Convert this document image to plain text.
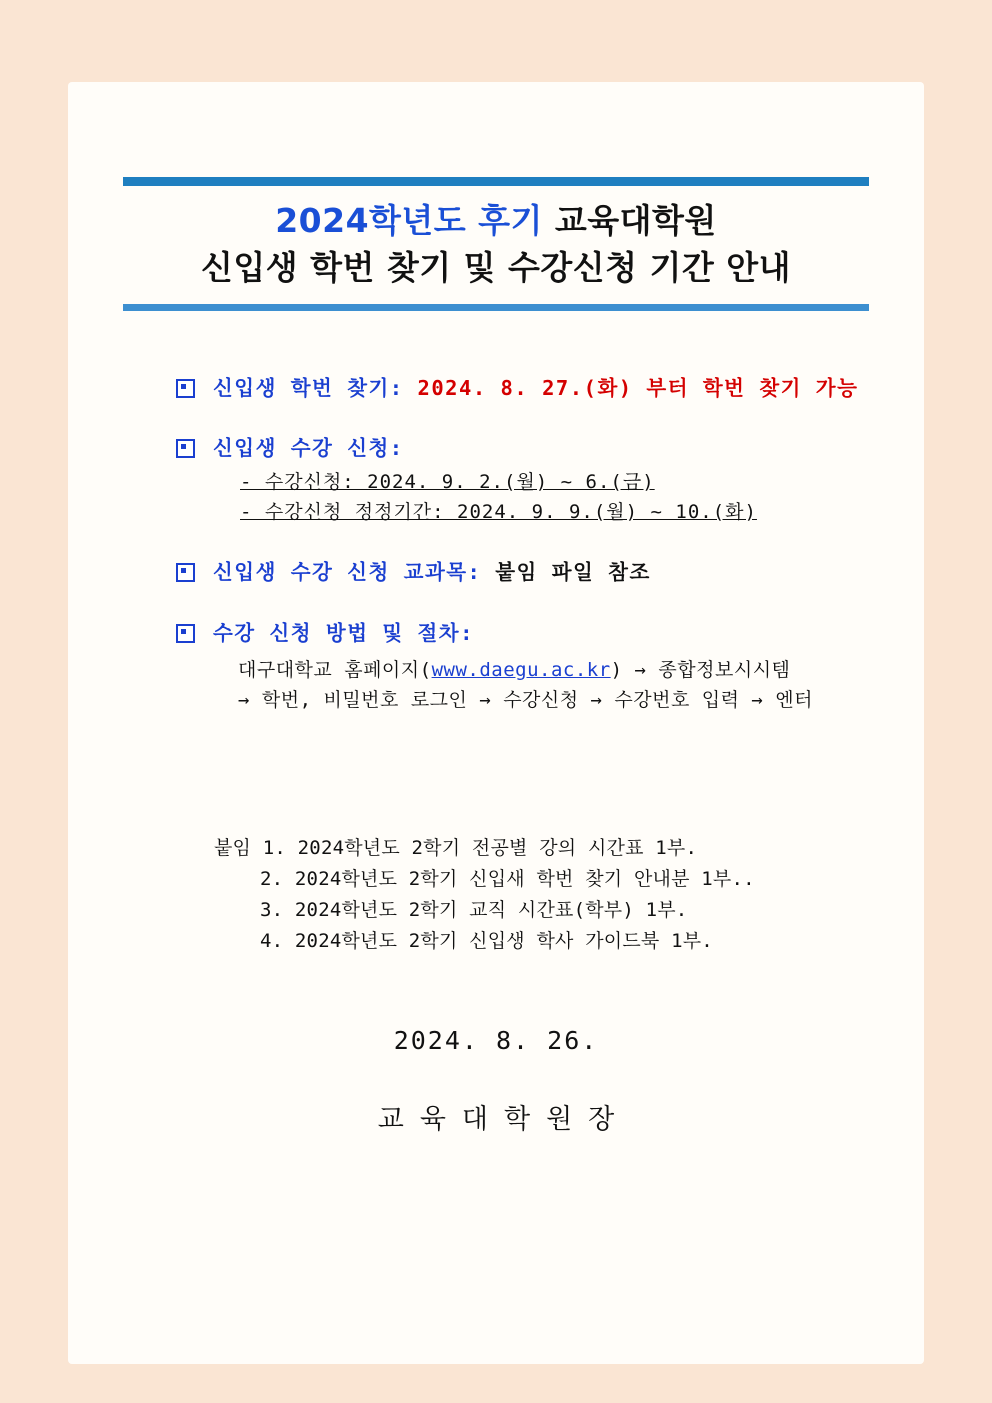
2024학년도 후기 교육대학원
신입생 학번 찾기 및 수강신청 기간 안내
신입생 학번 찾기: 2024. 8. 27.(화) 부터 학번 찾기 가능
신입생 수강 신청:
- 수강신청: 2024. 9. 2.(월) ~ 6.(금)
- 수강신청 정정기간: 2024. 9. 9.(월) ~ 10.(화)
신입생 수강 신청 교과목: 붙임 파일 참조
수강 신청 방법 및 절차:
대구대학교 홈페이지(www.daegu.ac.kr) → 종합정보시시템
→ 학번, 비밀번호 로그인 → 수강신청 → 수강번호 입력 → 엔터
붙임 1. 2024학년도 2학기 전공별 강의 시간표 1부.
2. 2024학년도 2학기 신입새 학번 찾기 안내분 1부..
3. 2024학년도 2학기 교직 시간표(학부) 1부.
4. 2024학년도 2학기 신입생 학사 가이드북 1부.
2024. 8. 26.
교육대학원장
